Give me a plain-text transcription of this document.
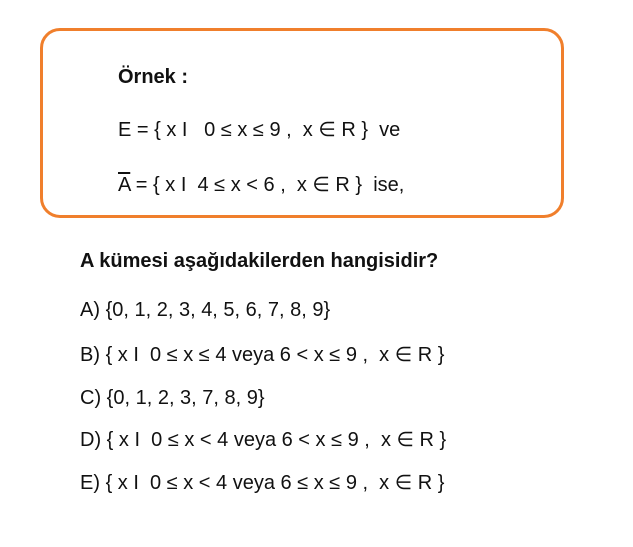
Örnek :
E = { x I   0 ≤ x ≤ 9 ,  x ∈ R }  ve
$\overline{A}$ = { x I  4 ≤ x < 6 ,  x ∈ R }  ise,
A kümesi aşağıdakilerden hangisidir?
A) {0, 1, 2, 3, 4, 5, 6, 7, 8, 9}
B) { x I  0 ≤ x ≤ 4 veya 6 < x ≤ 9 ,  x ∈ R }
C) {0, 1, 2, 3, 7, 8, 9}
D) { x I  0 ≤ x < 4 veya 6 < x ≤ 9 ,  x ∈ R }
E) { x I  0 ≤ x < 4 veya 6 ≤ x ≤ 9 ,  x ∈ R }
